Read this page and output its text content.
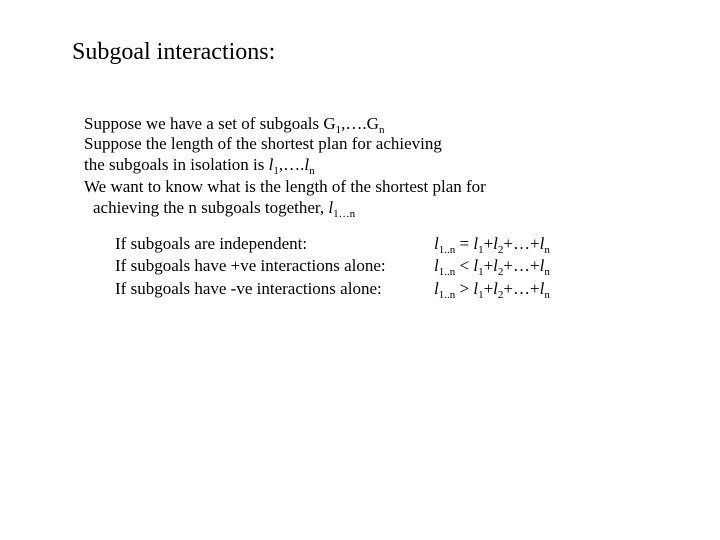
Subgoal interactions:
Suppose we have a set of subgoals $G_1,\dots.G_n$
Suppose the length of the shortest plan for achieving
the subgoals in isolation is $l_1,\dots.l_n$
We want to know what is the length of the shortest plan for
achieving the n subgoals together, $l_{1\dots n}$
If subgoals are independent:
If subgoals have +ve interactions alone:
If subgoals have -ve interactions alone:
$l_{1..n}$ = $l_1+l_2+\dots+l_n$
$l_{1..n}$ < $l_1+l_2+\dots+l_n$
$l_{1..n}$ > $l_1+l_2+\dots+l_n$
